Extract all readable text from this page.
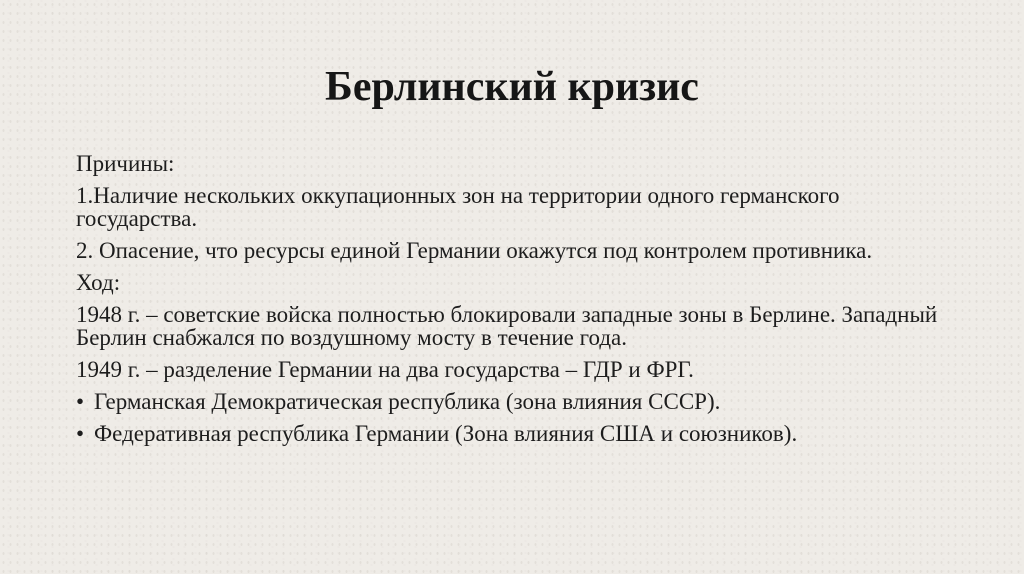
Берлинский кризис

Причины:

1.Наличие нескольких оккупационных зон на территории одного германского государства.

2. Опасение, что ресурсы единой Германии окажутся под контролем противника.

Ход:

1948 г. – советские войска полностью блокировали западные зоны в Берлине. Западный Берлин снабжался по воздушному мосту в течение года.

1949 г. – разделение Германии на два государства – ГДР и ФРГ.

• Германская Демократическая республика (зона влияния СССР).
• Федеративная республика Германии (Зона влияния США и союзников).
